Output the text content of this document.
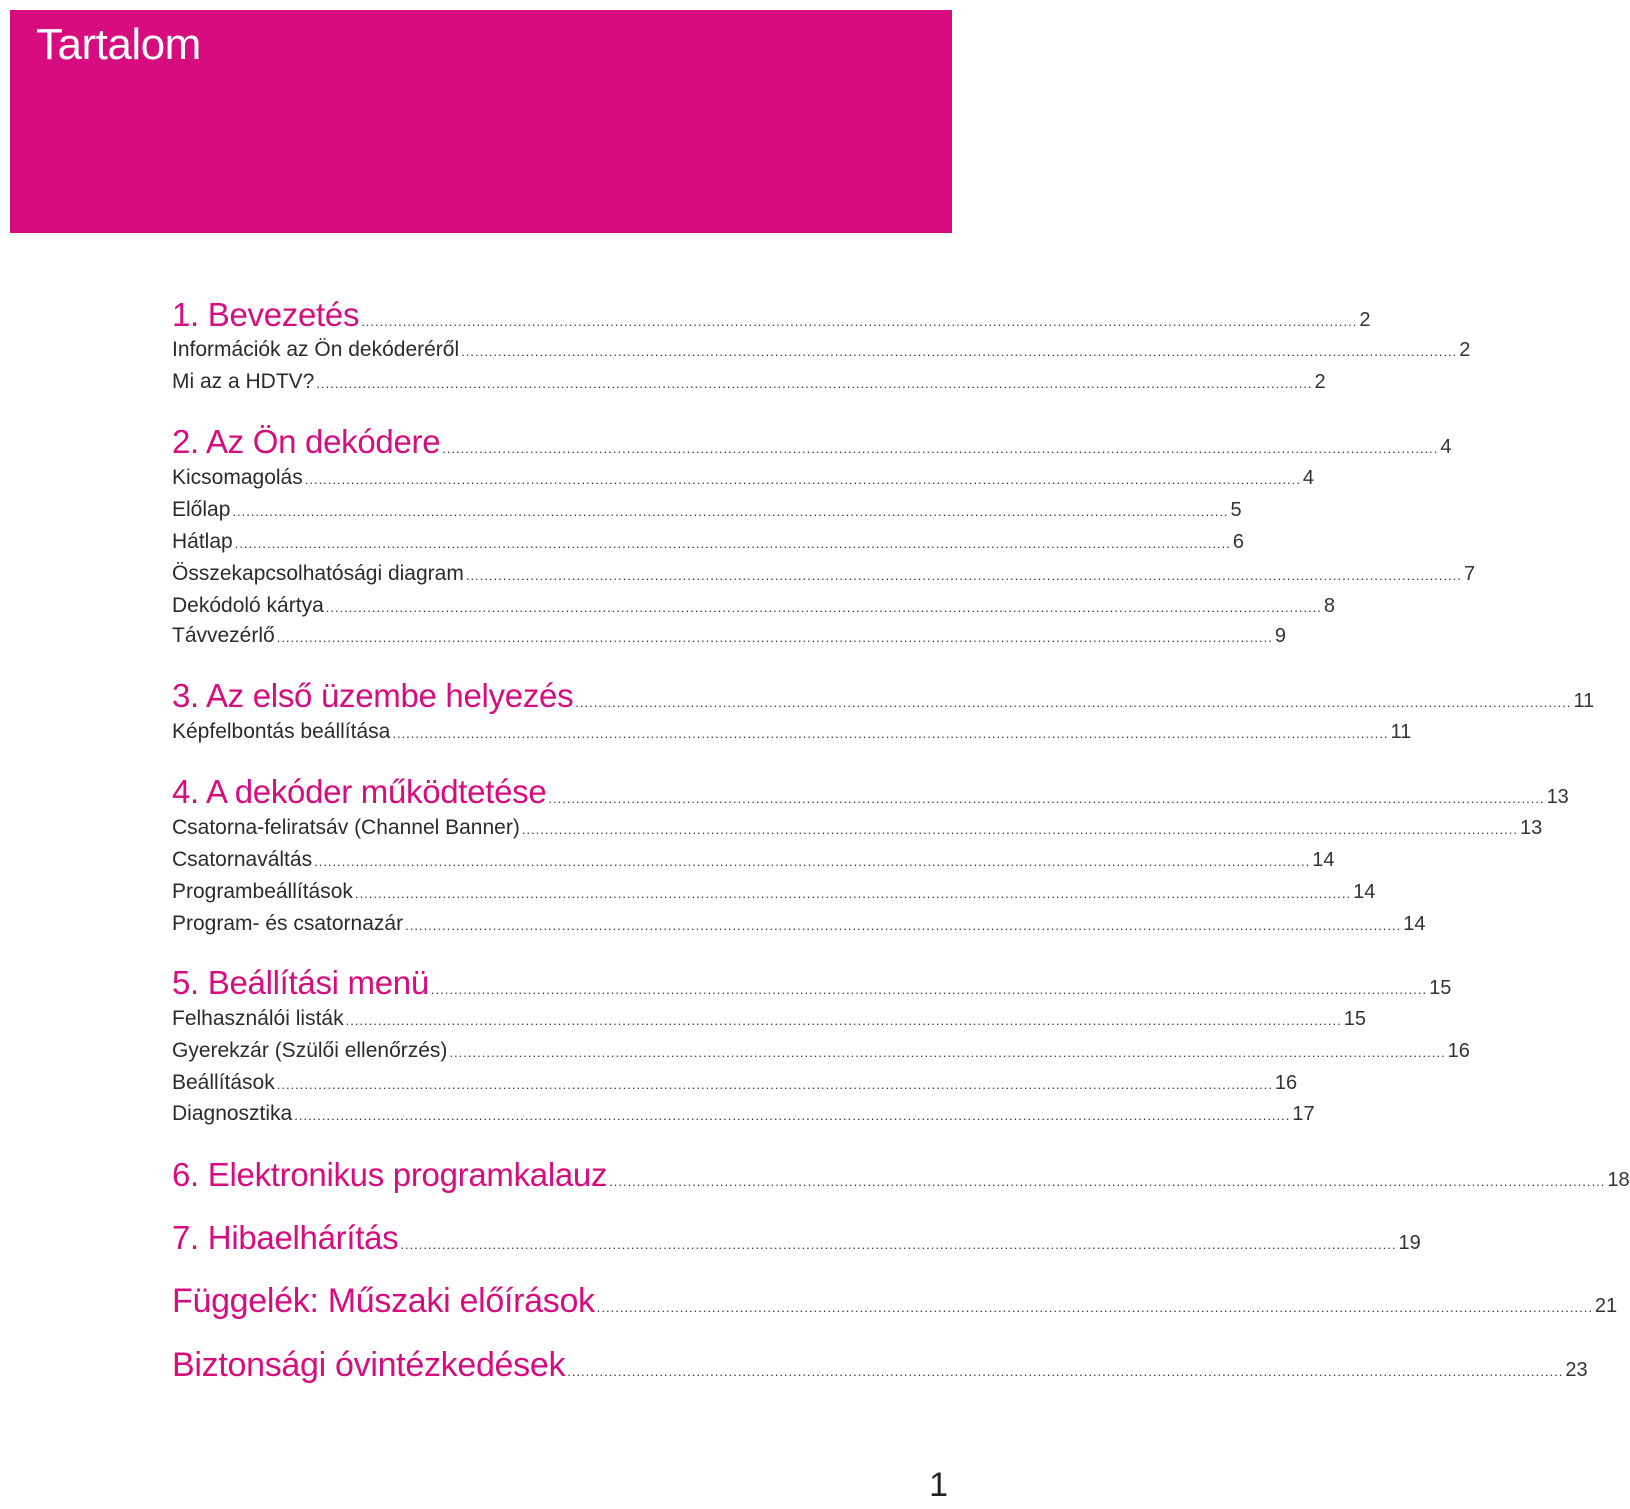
Tartalom
1. Bevezetés ........................................................................................................................................................................................................................ 2
Információk az Ön dekóderéről ........................................................................................................................................................................................................................ 2
Mi az a HDTV? ........................................................................................................................................................................................................................ 2
2. Az Ön dekódere ........................................................................................................................................................................................................................ 4
Kicsomagolás ........................................................................................................................................................................................................................ 4
Előlap ........................................................................................................................................................................................................................ 5
Hátlap ........................................................................................................................................................................................................................ 6
Összekapcsolhatósági diagram ........................................................................................................................................................................................................................ 7
Dekódoló kártya ........................................................................................................................................................................................................................ 8
Távvezérlő ........................................................................................................................................................................................................................ 9
3. Az első üzembe helyezés ........................................................................................................................................................................................................................ 11
Képfelbontás beállítása ........................................................................................................................................................................................................................ 11
4. A dekóder működtetése ........................................................................................................................................................................................................................ 13
Csatorna-feliratsáv (Channel Banner) ........................................................................................................................................................................................................................ 13
Csatornaváltás ........................................................................................................................................................................................................................ 14
Programbeállítások ........................................................................................................................................................................................................................ 14
Program- és csatornazár ........................................................................................................................................................................................................................ 14
5. Beállítási menü ........................................................................................................................................................................................................................ 15
Felhasználói listák ........................................................................................................................................................................................................................ 15
Gyerekzár (Szülői ellenőrzés) ........................................................................................................................................................................................................................ 16
Beállítások ........................................................................................................................................................................................................................ 16
Diagnosztika ........................................................................................................................................................................................................................ 17
6. Elektronikus programkalauz ........................................................................................................................................................................................................................ 18
7. Hibaelhárítás ........................................................................................................................................................................................................................ 19
Függelék: Műszaki előírások ........................................................................................................................................................................................................................ 21
Biztonsági óvintézkedések ........................................................................................................................................................................................................................ 23
1
